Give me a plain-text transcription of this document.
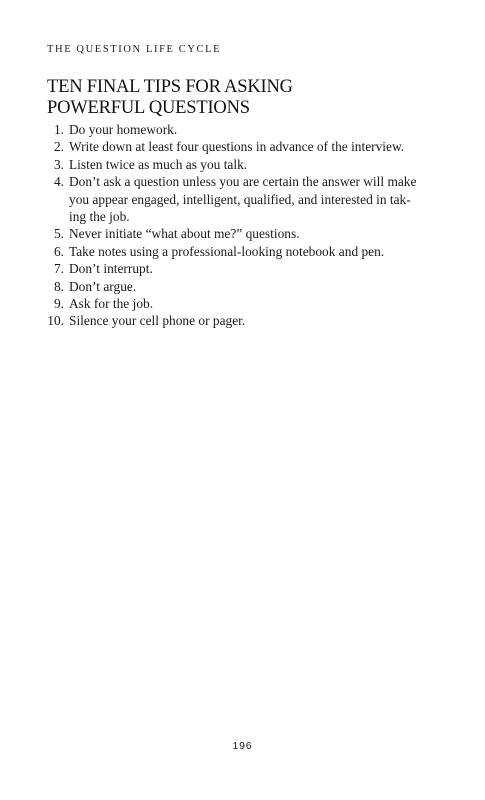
THE QUESTION LIFE CYCLE
TEN FINAL TIPS FOR ASKING
POWERFUL QUESTIONS
1. Do your homework.
2. Write down at least four questions in advance of the interview.
3. Listen twice as much as you talk.
4. Don’t ask a question unless you are certain the answer will make
you appear engaged, intelligent, qualified, and interested in tak-
ing the job.
5. Never initiate “what about me?” questions.
6. Take notes using a professional-looking notebook and pen.
7. Don’t interrupt.
8. Don’t argue.
9. Ask for the job.
10. Silence your cell phone or pager.
196
